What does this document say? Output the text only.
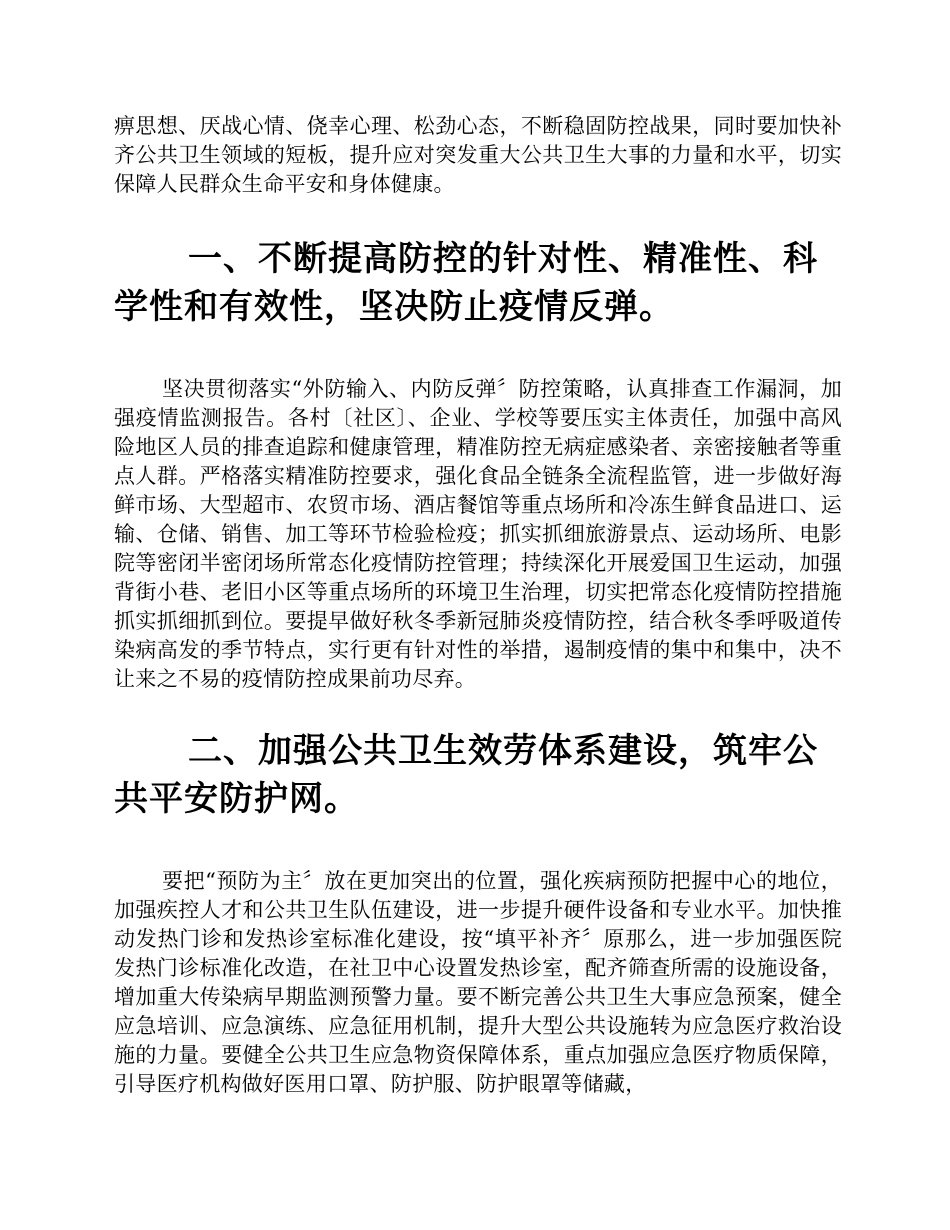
痹思想、厌战心情、侥幸心理、松劲心态，不断稳固防控战果，同时要加快补齐公共卫生领域的短板，提升应对突发重大公共卫生大事的力量和水平，切实保障人民群众生命平安和身体健康。

一、不断提高防控的针对性、精准性、科学性和有效性，坚决防止疫情反弹。

坚决贯彻落实“外防输入、内防反弹〞防控策略，认真排查工作漏洞，加强疫情监测报告。各村〔社区〕、企业、学校等要压实主体责任，加强中高风险地区人员的排查追踪和健康管理，精准防控无病症感染者、亲密接触者等重点人群。严格落实精准防控要求，强化食品全链条全流程监管，进一步做好海鲜市场、大型超市、农贸市场、酒店餐馆等重点场所和冷冻生鲜食品进口、运输、仓储、销售、加工等环节检验检疫；抓实抓细旅游景点、运动场所、电影院等密闭半密闭场所常态化疫情防控管理；持续深化开展爱国卫生运动，加强背街小巷、老旧小区等重点场所的环境卫生治理，切实把常态化疫情防控措施抓实抓细抓到位。要提早做好秋冬季新冠肺炎疫情防控，结合秋冬季呼吸道传染病高发的季节特点，实行更有针对性的举措，遏制疫情的集中和集中，决不让来之不易的疫情防控成果前功尽弃。

二、加强公共卫生效劳体系建设，筑牢公共平安防护网。

要把“预防为主〞放在更加突出的位置，强化疾病预防把握中心的地位，加强疾控人才和公共卫生队伍建设，进一步提升硬件设备和专业水平。加快推动发热门诊和发热诊室标准化建设，按“填平补齐〞原那么，进一步加强医院发热门诊标准化改造，在社卫中心设置发热诊室，配齐筛查所需的设施设备，增加重大传染病早期监测预警力量。要不断完善公共卫生大事应急预案，健全应急培训、应急演练、应急征用机制，提升大型公共设施转为应急医疗救治设施的力量。要健全公共卫生应急物资保障体系，重点加强应急医疗物质保障，引导医疗机构做好医用口罩、防护服、防护眼罩等储藏，
